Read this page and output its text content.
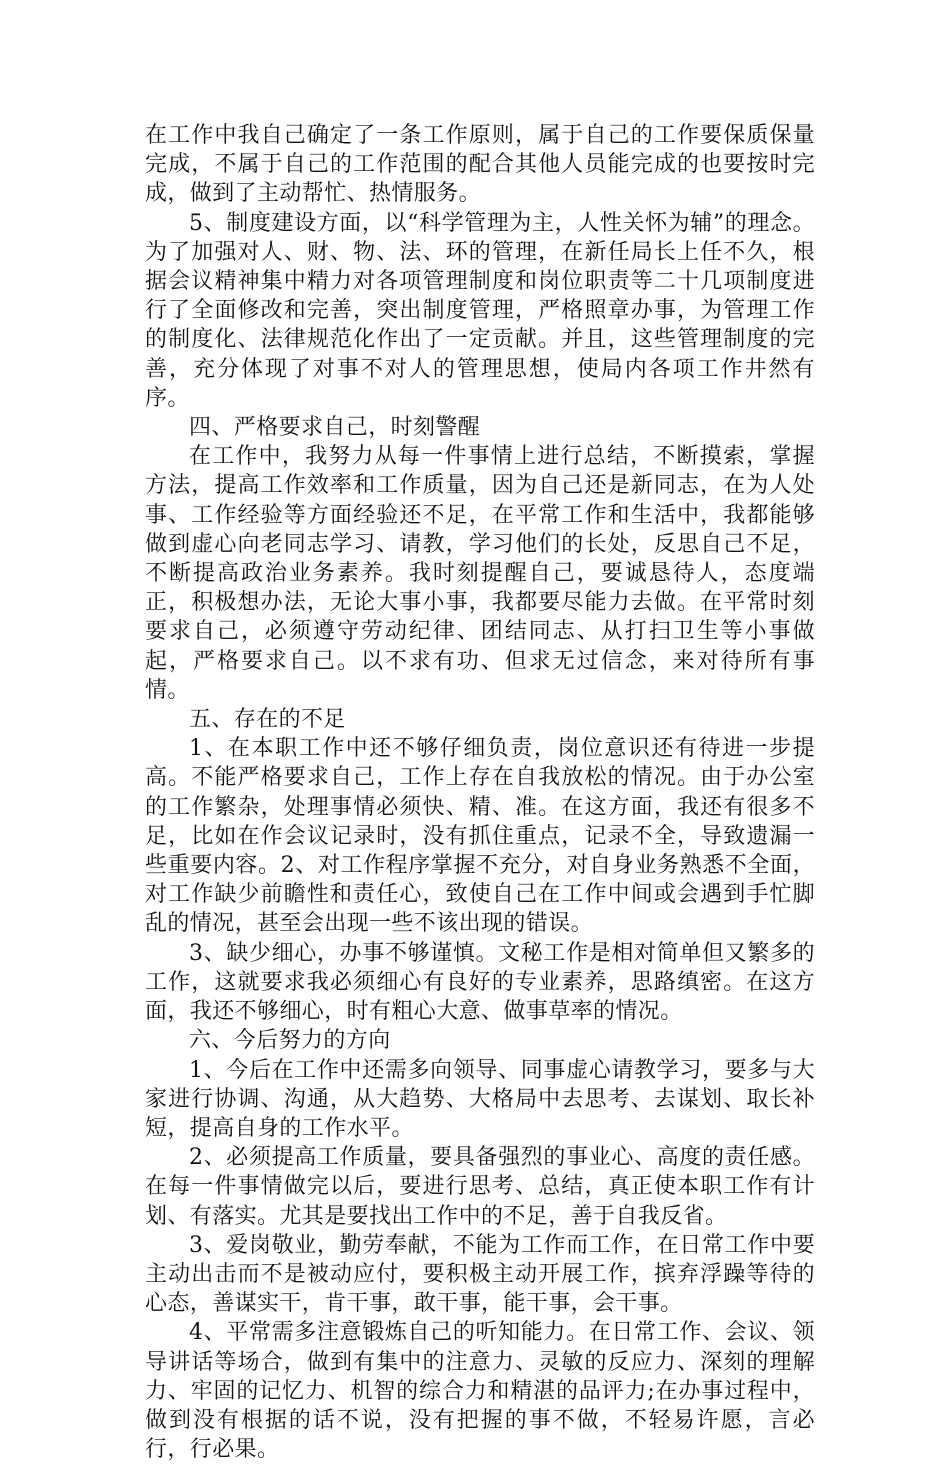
在工作中我自己确定了一条工作原则，属于自己的工作要保质保量完成，不属于自己的工作范围的配合其他人员能完成的也要按时完成，做到了主动帮忙、热情服务。

5、制度建设方面，以“科学管理为主，人性关怀为辅”的理念。为了加强对人、财、物、法、环的管理，在新任局长上任不久，根据会议精神集中精力对各项管理制度和岗位职责等二十几项制度进行了全面修改和完善，突出制度管理，严格照章办事，为管理工作的制度化、法律规范化作出了一定贡献。并且，这些管理制度的完善，充分体现了对事不对人的管理思想，使局内各项工作井然有序。

四、严格要求自己，时刻警醒

在工作中，我努力从每一件事情上进行总结，不断摸索，掌握方法，提高工作效率和工作质量，因为自己还是新同志，在为人处事、工作经验等方面经验还不足，在平常工作和生活中，我都能够做到虚心向老同志学习、请教，学习他们的长处，反思自己不足，不断提高政治业务素养。我时刻提醒自己，要诚恳待人，态度端正，积极想办法，无论大事小事，我都要尽能力去做。在平常时刻要求自己，必须遵守劳动纪律、团结同志、从打扫卫生等小事做起，严格要求自己。以不求有功、但求无过信念，来对待所有事情。

五、存在的不足

1、在本职工作中还不够仔细负责，岗位意识还有待进一步提高。不能严格要求自己，工作上存在自我放松的情况。由于办公室的工作繁杂，处理事情必须快、精、准。在这方面，我还有很多不足，比如在作会议记录时，没有抓住重点，记录不全，导致遗漏一些重要内容。2、对工作程序掌握不充分，对自身业务熟悉不全面，对工作缺少前瞻性和责任心，致使自己在工作中间或会遇到手忙脚乱的情况，甚至会出现一些不该出现的错误。

3、缺少细心，办事不够谨慎。文秘工作是相对简单但又繁多的工作，这就要求我必须细心有良好的专业素养，思路缜密。在这方面，我还不够细心，时有粗心大意、做事草率的情况。

六、今后努力的方向

1、今后在工作中还需多向领导、同事虚心请教学习，要多与大家进行协调、沟通，从大趋势、大格局中去思考、去谋划、取长补短，提高自身的工作水平。

2、必须提高工作质量，要具备强烈的事业心、高度的责任感。在每一件事情做完以后，要进行思考、总结，真正使本职工作有计划、有落实。尤其是要找出工作中的不足，善于自我反省。

3、爱岗敬业，勤劳奉献，不能为工作而工作，在日常工作中要主动出击而不是被动应付，要积极主动开展工作，摈弃浮躁等待的心态，善谋实干，肯干事，敢干事，能干事，会干事。

4、平常需多注意锻炼自己的听知能力。在日常工作、会议、领导讲话等场合，做到有集中的注意力、灵敏的反应力、深刻的理解力、牢固的记忆力、机智的综合力和精湛的品评力;在办事过程中，做到没有根据的话不说，没有把握的事不做，不轻易许愿，言必行，行必果。
